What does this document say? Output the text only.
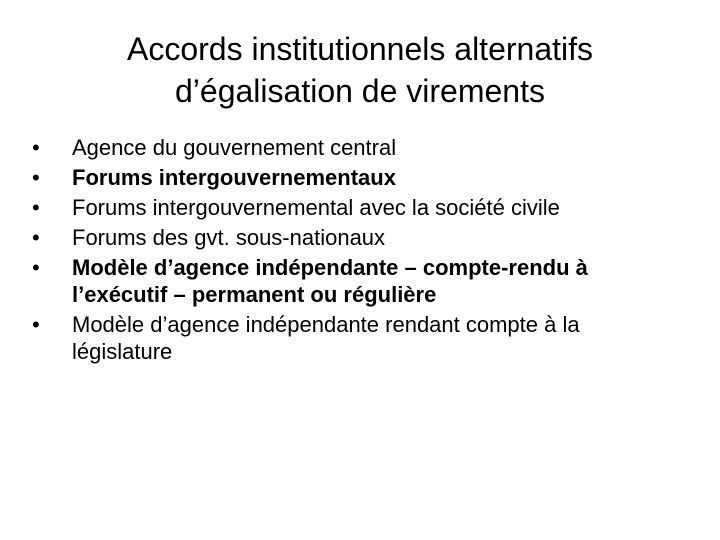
Accords institutionnels alternatifs
d’égalisation de virements
•	Agence du gouvernement central
•	Forums intergouvernementaux
•	Forums intergouvernemental avec la société civile
•	Forums des gvt. sous-nationaux
•	Modèle d’agence indépendante – compte-rendu à l’exécutif – permanent ou régulière
•	Modèle d’agence indépendante rendant compte à la législature
